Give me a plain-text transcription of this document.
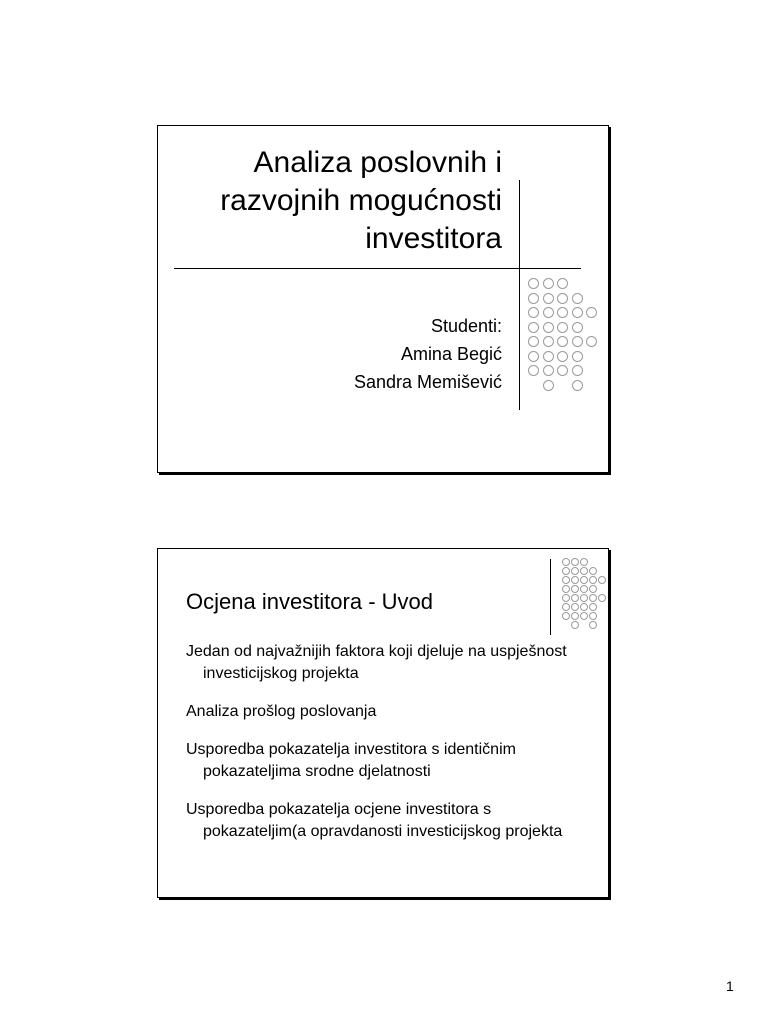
Analiza poslovnih i
razvojnih mogućnosti
investitora
Studenti:
Amina Begić
Sandra Memišević
Ocjena investitora - Uvod
Jedan od najvažnijih faktora koji djeluje na uspješnost investicijskog projekta
Analiza prošlog poslovanja
Usporedba pokazatelja investitora s identičnim pokazateljima srodne djelatnosti
Usporedba pokazatelja ocjene investitora s pokazateljim(a opravdanosti investicijskog projekta
1
